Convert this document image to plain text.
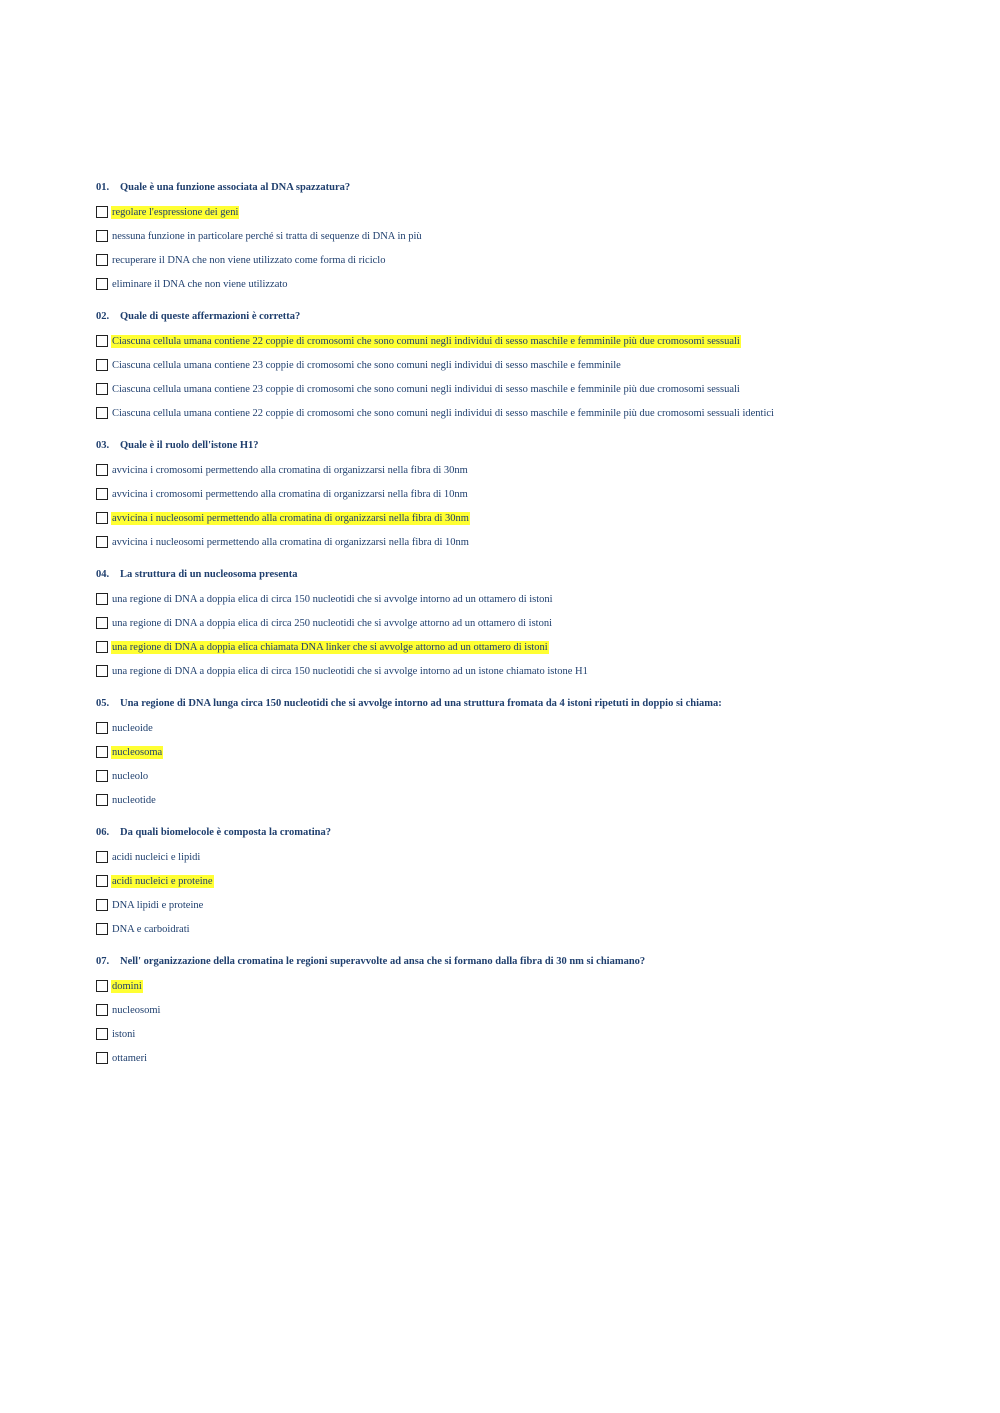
01. Quale è una funzione associata al DNA spazzatura?
regolare l'espressione dei geni
nessuna funzione in particolare perché si tratta di sequenze di DNA in più
recuperare il DNA che non viene utilizzato come forma di riciclo
eliminare il DNA che non viene utilizzato
02. Quale di queste affermazioni è corretta?
Ciascuna cellula umana contiene 22 coppie di cromosomi che sono comuni negli individui di sesso maschile e femminile più due cromosomi sessuali
Ciascuna cellula umana contiene 23 coppie di cromosomi che sono comuni negli individui di sesso maschile e femminile
Ciascuna cellula umana contiene 23 coppie di cromosomi che sono comuni negli individui di sesso maschile e femminile più due cromosomi sessuali
Ciascuna cellula umana contiene 22 coppie di cromosomi che sono comuni negli individui di sesso maschile e femminile più due cromosomi sessuali identici
03. Quale è il ruolo dell'istone H1?
avvicina i cromosomi permettendo alla cromatina di organizzarsi nella fibra di 30nm
avvicina i cromosomi permettendo alla cromatina di organizzarsi nella fibra di 10nm
avvicina i nucleosomi permettendo alla cromatina di organizzarsi nella fibra di 30nm
avvicina i nucleosomi permettendo alla cromatina di organizzarsi nella fibra di 10nm
04. La struttura di un nucleosoma presenta
una regione di DNA a doppia elica di circa 150 nucleotidi che si avvolge intorno ad un ottamero di istoni
una regione di DNA a doppia elica di circa 250 nucleotidi che si avvolge attorno ad un ottamero di istoni
una regione di DNA a doppia elica chiamata DNA linker che si avvolge attorno ad un ottamero di istoni
una regione di DNA a doppia elica di circa 150 nucleotidi che si avvolge intorno ad un istone chiamato istone H1
05. Una regione di DNA lunga circa 150 nucleotidi che si avvolge intorno ad una struttura fromata da 4 istoni ripetuti in doppio si chiama:
nucleoide
nucleosoma
nucleolo
nucleotide
06. Da quali biomelocole è composta la cromatina?
acidi nucleici e lipidi
acidi nucleici e proteine
DNA lipidi e proteine
DNA e carboidrati
07. Nell' organizzazione della cromatina le regioni superavvolte ad ansa che si formano dalla fibra di 30 nm si chiamano?
domini
nucleosomi
istoni
ottameri
